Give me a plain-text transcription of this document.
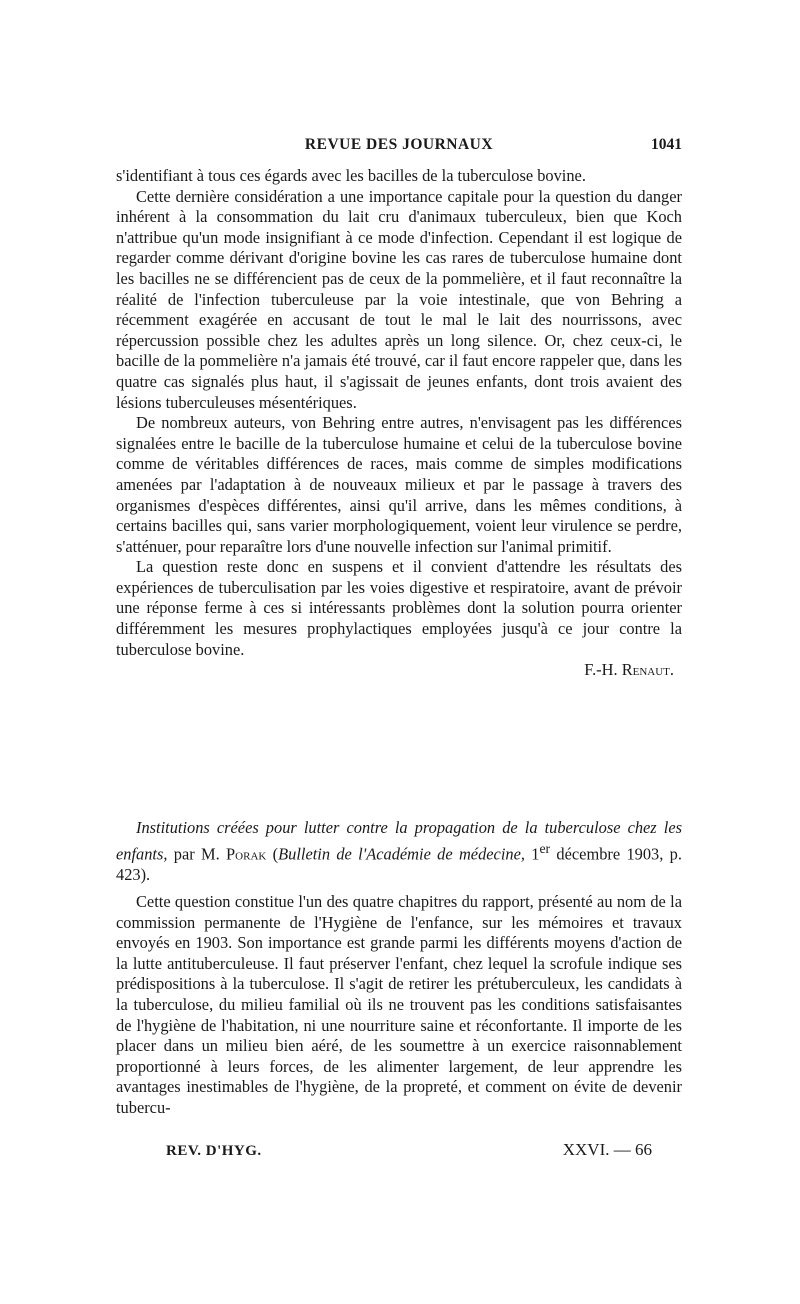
REVUE DES JOURNAUX	1041

s'identifiant à tous ces égards avec les bacilles de la tuberculose bovine.

Cette dernière considération a une importance capitale pour la question du danger inhérent à la consommation du lait cru d'animaux tuberculeux, bien que Koch n'attribue qu'un mode insignifiant à ce mode d'infection. Cependant il est logique de regarder comme dérivant d'origine bovine les cas rares de tuberculose humaine dont les bacilles ne se différencient pas de ceux de la pommelière, et il faut reconnaître la réalité de l'infection tuberculeuse par la voie intestinale, que von Behring a récemment exagérée en accusant de tout le mal le lait des nourrissons, avec répercussion possible chez les adultes après un long silence. Or, chez ceux-ci, le bacille de la pommelière n'a jamais été trouvé, car il faut encore rappeler que, dans les quatre cas signalés plus haut, il s'agissait de jeunes enfants, dont trois avaient des lésions tuberculeuses mésentériques.

De nombreux auteurs, von Behring entre autres, n'envisagent pas les différences signalées entre le bacille de la tuberculose humaine et celui de la tuberculose bovine comme de véritables différences de races, mais comme de simples modifications amenées par l'adaptation à de nouveaux milieux et par le passage à travers des organismes d'espèces différentes, ainsi qu'il arrive, dans les mêmes conditions, à certains bacilles qui, sans varier morphologiquement, voient leur virulence se perdre, s'atténuer, pour reparaître lors d'une nouvelle infection sur l'animal primitif.

La question reste donc en suspens et il convient d'attendre les résultats des expériences de tuberculisation par les voies digestive et respiratoire, avant de prévoir une réponse ferme à ces si intéressants problèmes dont la solution pourra orienter différemment les mesures prophylactiques employées jusqu'à ce jour contre la tuberculose bovine.

F.-H. Renaut.

Institutions créées pour lutter contre la propagation de la tuberculose chez les enfants, par M. Porak (Bulletin de l'Académie de médecine, 1er décembre 1903, p. 423).

Cette question constitue l'un des quatre chapitres du rapport, présenté au nom de la commission permanente de l'Hygiène de l'enfance, sur les mémoires et travaux envoyés en 1903. Son importance est grande parmi les différents moyens d'action de la lutte antituberculeuse. Il faut préserver l'enfant, chez lequel la scrofule indique ses prédispositions à la tuberculose. Il s'agit de retirer les prétuberculeux, les candidats à la tuberculose, du milieu familial où ils ne trouvent pas les conditions satisfaisantes de l'hygiène de l'habitation, ni une nourriture saine et réconfortante. Il importe de les placer dans un milieu bien aéré, de les soumettre à un exercice raisonnablement proportionné à leurs forces, de les alimenter largement, de leur apprendre les avantages inestimables de l'hygiène, de la propreté, et comment on évite de devenir tubercu-

REV. D'HYG.	XXVI. — 66
